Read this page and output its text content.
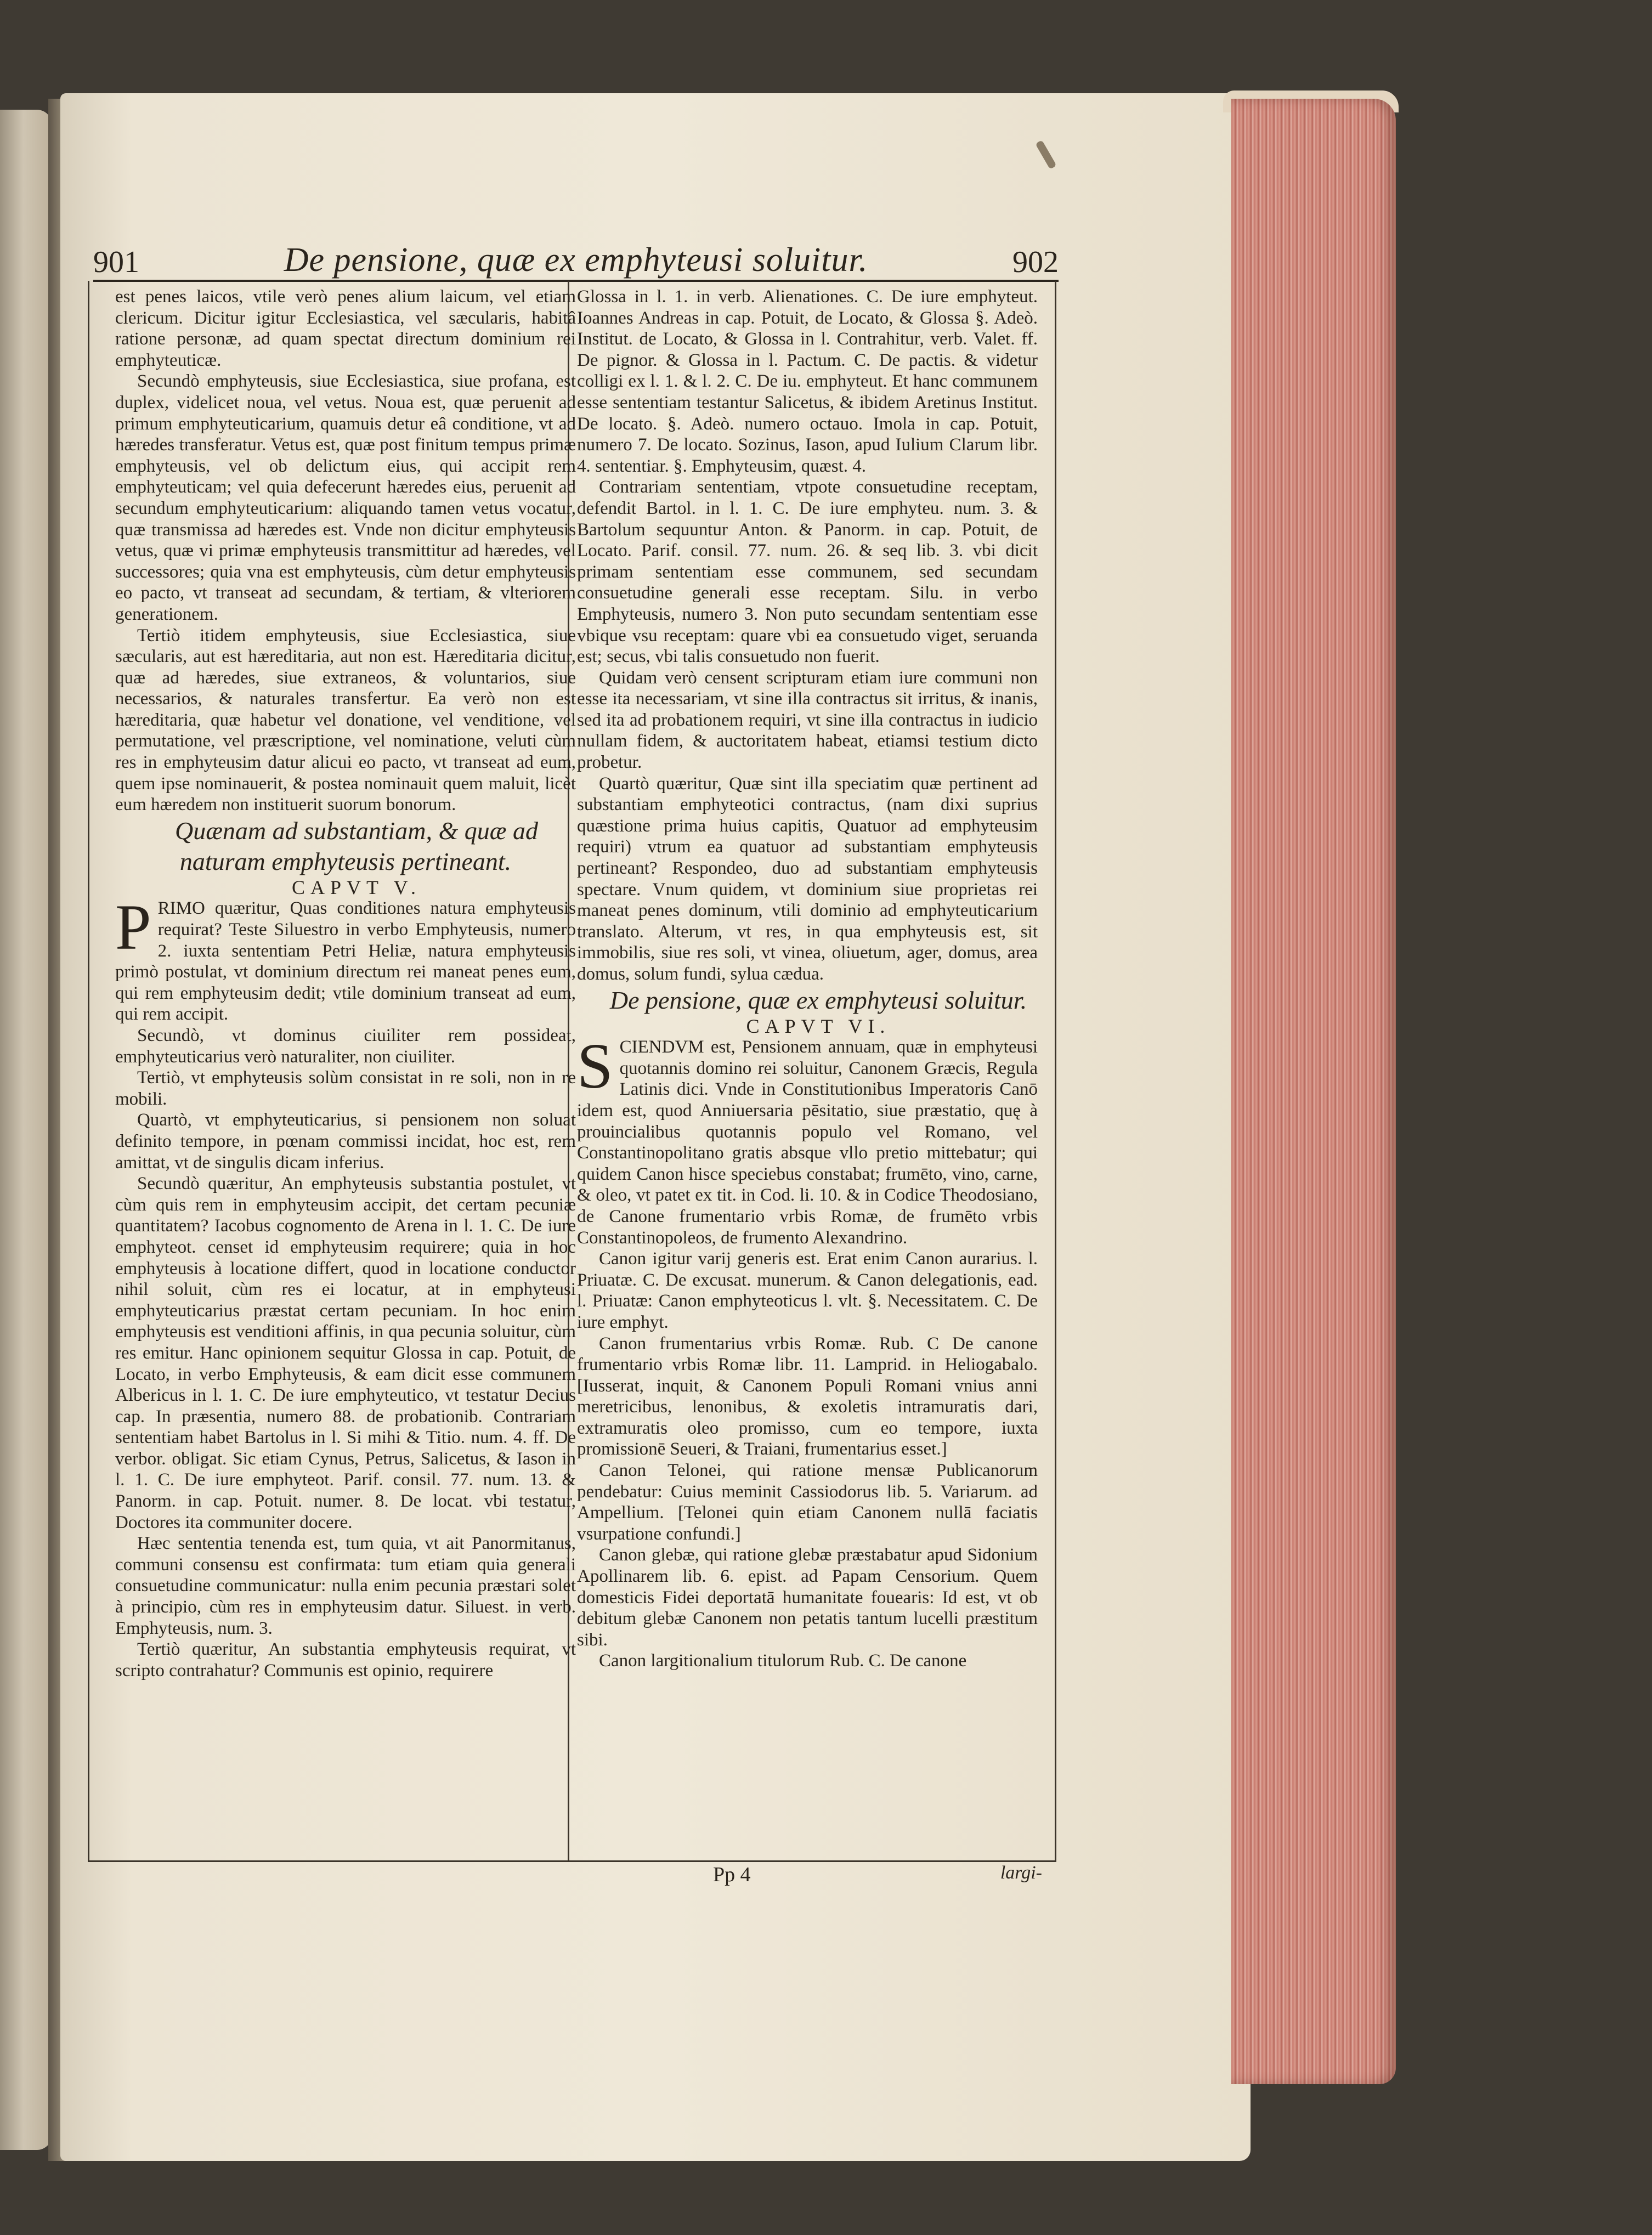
901	De pensione, quæ ex emphyteusi soluitur.	902

est penes laicos, vtile verò penes alium laicum, vel etiam clericum. Dicitur igitur Ecclesiastica, vel sæcularis, habitâ ratione personæ, ad quam spectat directum dominium rei emphyteuticæ.

Secundò emphyteusis, siue Ecclesiastica, siue profana, est duplex, videlicet noua, vel vetus. Noua est, quæ peruenit ad primum emphyteuticarium, quamuis detur eâ conditione, vt ad hæredes transferatur. Vetus est, quæ post finitum tempus primæ emphyteusis, vel ob delictum eius, qui accipit rem emphyteuticam; vel quia defecerunt hæredes eius, peruenit ad secundum emphyteuticarium: aliquando tamen vetus vocatur, quæ transmissa ad hæredes est. Vnde non dicitur emphyteusis vetus, quæ vi primæ emphyteusis transmittitur ad hæredes, vel successores; quia vna est emphyteusis, cùm detur emphyteusis eo pacto, vt transeat ad secundam, & tertiam, & vlteriorem generationem.

Tertiò itidem emphyteusis, siue Ecclesiastica, siue sæcularis, aut est hæreditaria, aut non est. Hæreditaria dicitur, quæ ad hæredes, siue extraneos, & voluntarios, siue necessarios, & naturales transfertur. Ea verò non est hæreditaria, quæ habetur vel donatione, vel venditione, vel permutatione, vel præscriptione, vel nominatione, veluti cùm res in emphyteusim datur alicui eo pacto, vt transeat ad eum, quem ipse nominauerit, & postea nominauit quem maluit, licèt eum hæredem non instituerit suorum bonorum.

Quænam ad substantiam, & quæ ad naturam emphyteusis pertineant.

CAPVT V.

PRIMO quæritur, Quas conditiones natura emphyteusis requirat? Teste Siluestro in verbo Emphyteusis, numero 2. iuxta sententiam Petri Heliæ, natura emphyteusis primò postulat, vt dominium directum rei maneat penes eum, qui rem emphyteusim dedit; vtile dominium transeat ad eum, qui rem accipit.

Secundò, vt dominus ciuiliter rem possideat, emphyteuticarius verò naturaliter, non ciuiliter.

Tertiò, vt emphyteusis solùm consistat in re soli, non in re mobili.

Quartò, vt emphyteuticarius, si pensionem non soluat definito tempore, in pœnam commissi incidat, hoc est, rem amittat, vt de singulis dicam inferius.

Secundò quæritur, An emphyteusis substantia postulet, vt cùm quis rem in emphyteusim accipit, det certam pecuniæ quantitatem? Iacobus cognomento de Arena in l. 1. C. De iure emphyteot. censet id emphyteusim requirere; quia in hoc emphyteusis à locatione differt, quod in locatione conductor nihil soluit, cùm res ei locatur, at in emphyteusi emphyteuticarius præstat certam pecuniam. In hoc enim emphyteusis est venditioni affinis, in qua pecunia soluitur, cùm res emitur. Hanc opinionem sequitur Glossa in cap. Potuit, de Locato, in verbo Emphyteusis, & eam dicit esse communem Albericus in l. 1. C. De iure emphyteutico, vt testatur Decius cap. In præsentia, numero 88. de probationib. Contrariam sententiam habet Bartolus in l. Si mihi & Titio. num. 4. ff. De verbor. obligat. Sic etiam Cynus, Petrus, Salicetus, & Iason in l. 1. C. De iure emphyteot. Parif. consil. 77. num. 13. & Panorm. in cap. Potuit. numer. 8. De locat. vbi testatur, Doctores ita communiter docere.

Hæc sententia tenenda est, tum quia, vt ait Panormitanus, communi consensu est confirmata: tum etiam quia generali consuetudine communicatur: nulla enim pecunia præstari solet à principio, cùm res in emphyteusim datur. Siluest. in verb. Emphyteusis, num. 3.

Tertiò quæritur, An substantia emphyteusis requirat, vt scripto contrahatur? Communis est opinio, requirere

Glossa in l. 1. in verb. Alienationes. C. De iure emphyteut. Ioannes Andreas in cap. Potuit, de Locato, & Glossa §. Adeò. Institut. de Locato, & Glossa in l. Contrahitur, verb. Valet. ff. De pignor. & Glossa in l. Pactum. C. De pactis. & videtur colligi ex l. 1. & l. 2. C. De iu. emphyteut. Et hanc communem esse sententiam testantur Salicetus, & ibidem Aretinus Institut. De locato. §. Adeò. numero octauo. Imola in cap. Potuit, numero 7. De locato. Sozinus, Iason, apud Iulium Clarum libr. 4. sententiar. §. Emphyteusim, quæst. 4.

Contrariam sententiam, vtpote consuetudine receptam, defendit Bartol. in l. 1. C. De iure emphyteu. num. 3. & Bartolum sequuntur Anton. & Panorm. in cap. Potuit, de Locato. Parif. consil. 77. num. 26. & seq lib. 3. vbi dicit primam sententiam esse communem, sed secundam consuetudine generali esse receptam. Silu. in verbo Emphyteusis, numero 3. Non puto secundam sententiam esse vbique vsu receptam: quare vbi ea consuetudo viget, seruanda est; secus, vbi talis consuetudo non fuerit.

Quidam verò censent scripturam etiam iure communi non esse ita necessariam, vt sine illa contractus sit irritus, & inanis, sed ita ad probationem requiri, vt sine illa contractus in iudicio nullam fidem, & auctoritatem habeat, etiamsi testium dicto probetur.

Quartò quæritur, Quæ sint illa speciatim quæ pertinent ad substantiam emphyteotici contractus, (nam dixi suprius quæstione prima huius capitis, Quatuor ad emphyteusim requiri) vtrum ea quatuor ad substantiam emphyteusis pertineant? Respondeo, duo ad substantiam emphyteusis spectare. Vnum quidem, vt dominium siue proprietas rei maneat penes dominum, vtili dominio ad emphyteuticarium translato. Alterum, vt res, in qua emphyteusis est, sit immobilis, siue res soli, vt vinea, oliuetum, ager, domus, area domus, solum fundi, sylua cædua.

De pensione, quæ ex emphyteusi soluitur.

CAPVT VI.

SCIENDVM est, Pensionem annuam, quæ in emphyteusi quotannis domino rei soluitur, Canonem Græcis, Regula Latinis dici. Vnde in Constitutionibus Imperatoris Canō idem est, quod Anniuersaria pēsitatio, siue præstatio, quę à prouincialibus quotannis populo vel Romano, vel Constantinopolitano gratis absque vllo pretio mittebatur; qui quidem Canon hisce speciebus constabat; frumēto, vino, carne, & oleo, vt patet ex tit. in Cod. li. 10. & in Codice Theodosiano, de Canone frumentario vrbis Romæ, de frumēto vrbis Constantinopoleos, de frumento Alexandrino.

Canon igitur varij generis est. Erat enim Canon aurarius. l. Priuatæ. C. De excusat. munerum. & Canon delegationis, ead. l. Priuatæ: Canon emphyteoticus l. vlt. §. Necessitatem. C. De iure emphyt.

Canon frumentarius vrbis Romæ. Rub. C De canone frumentario vrbis Romæ libr. 11. Lamprid. in Heliogabalo. [Iusserat, inquit, & Canonem Populi Romani vnius anni meretricibus, lenonibus, & exoletis intramuratis dari, extramuratis oleo promisso, cum eo tempore, iuxta promissionē Seueri, & Traiani, frumentarius esset.]

Canon Telonei, qui ratione mensæ Publicanorum pendebatur: Cuius meminit Cassiodorus lib. 5. Variarum. ad Ampellium. [Telonei quin etiam Canonem nullā faciatis vsurpatione confundi.]

Canon glebæ, qui ratione glebæ præstabatur apud Sidonium Apollinarem lib. 6. epist. ad Papam Censorium. Quem domesticis Fidei deportatā humanitate fouearis: Id est, vt ob debitum glebæ Canonem non petatis tantum lucelli præstitum sibi.

Canon largitionalium titulorum Rub. C. De canone

Pp 4	largi-
